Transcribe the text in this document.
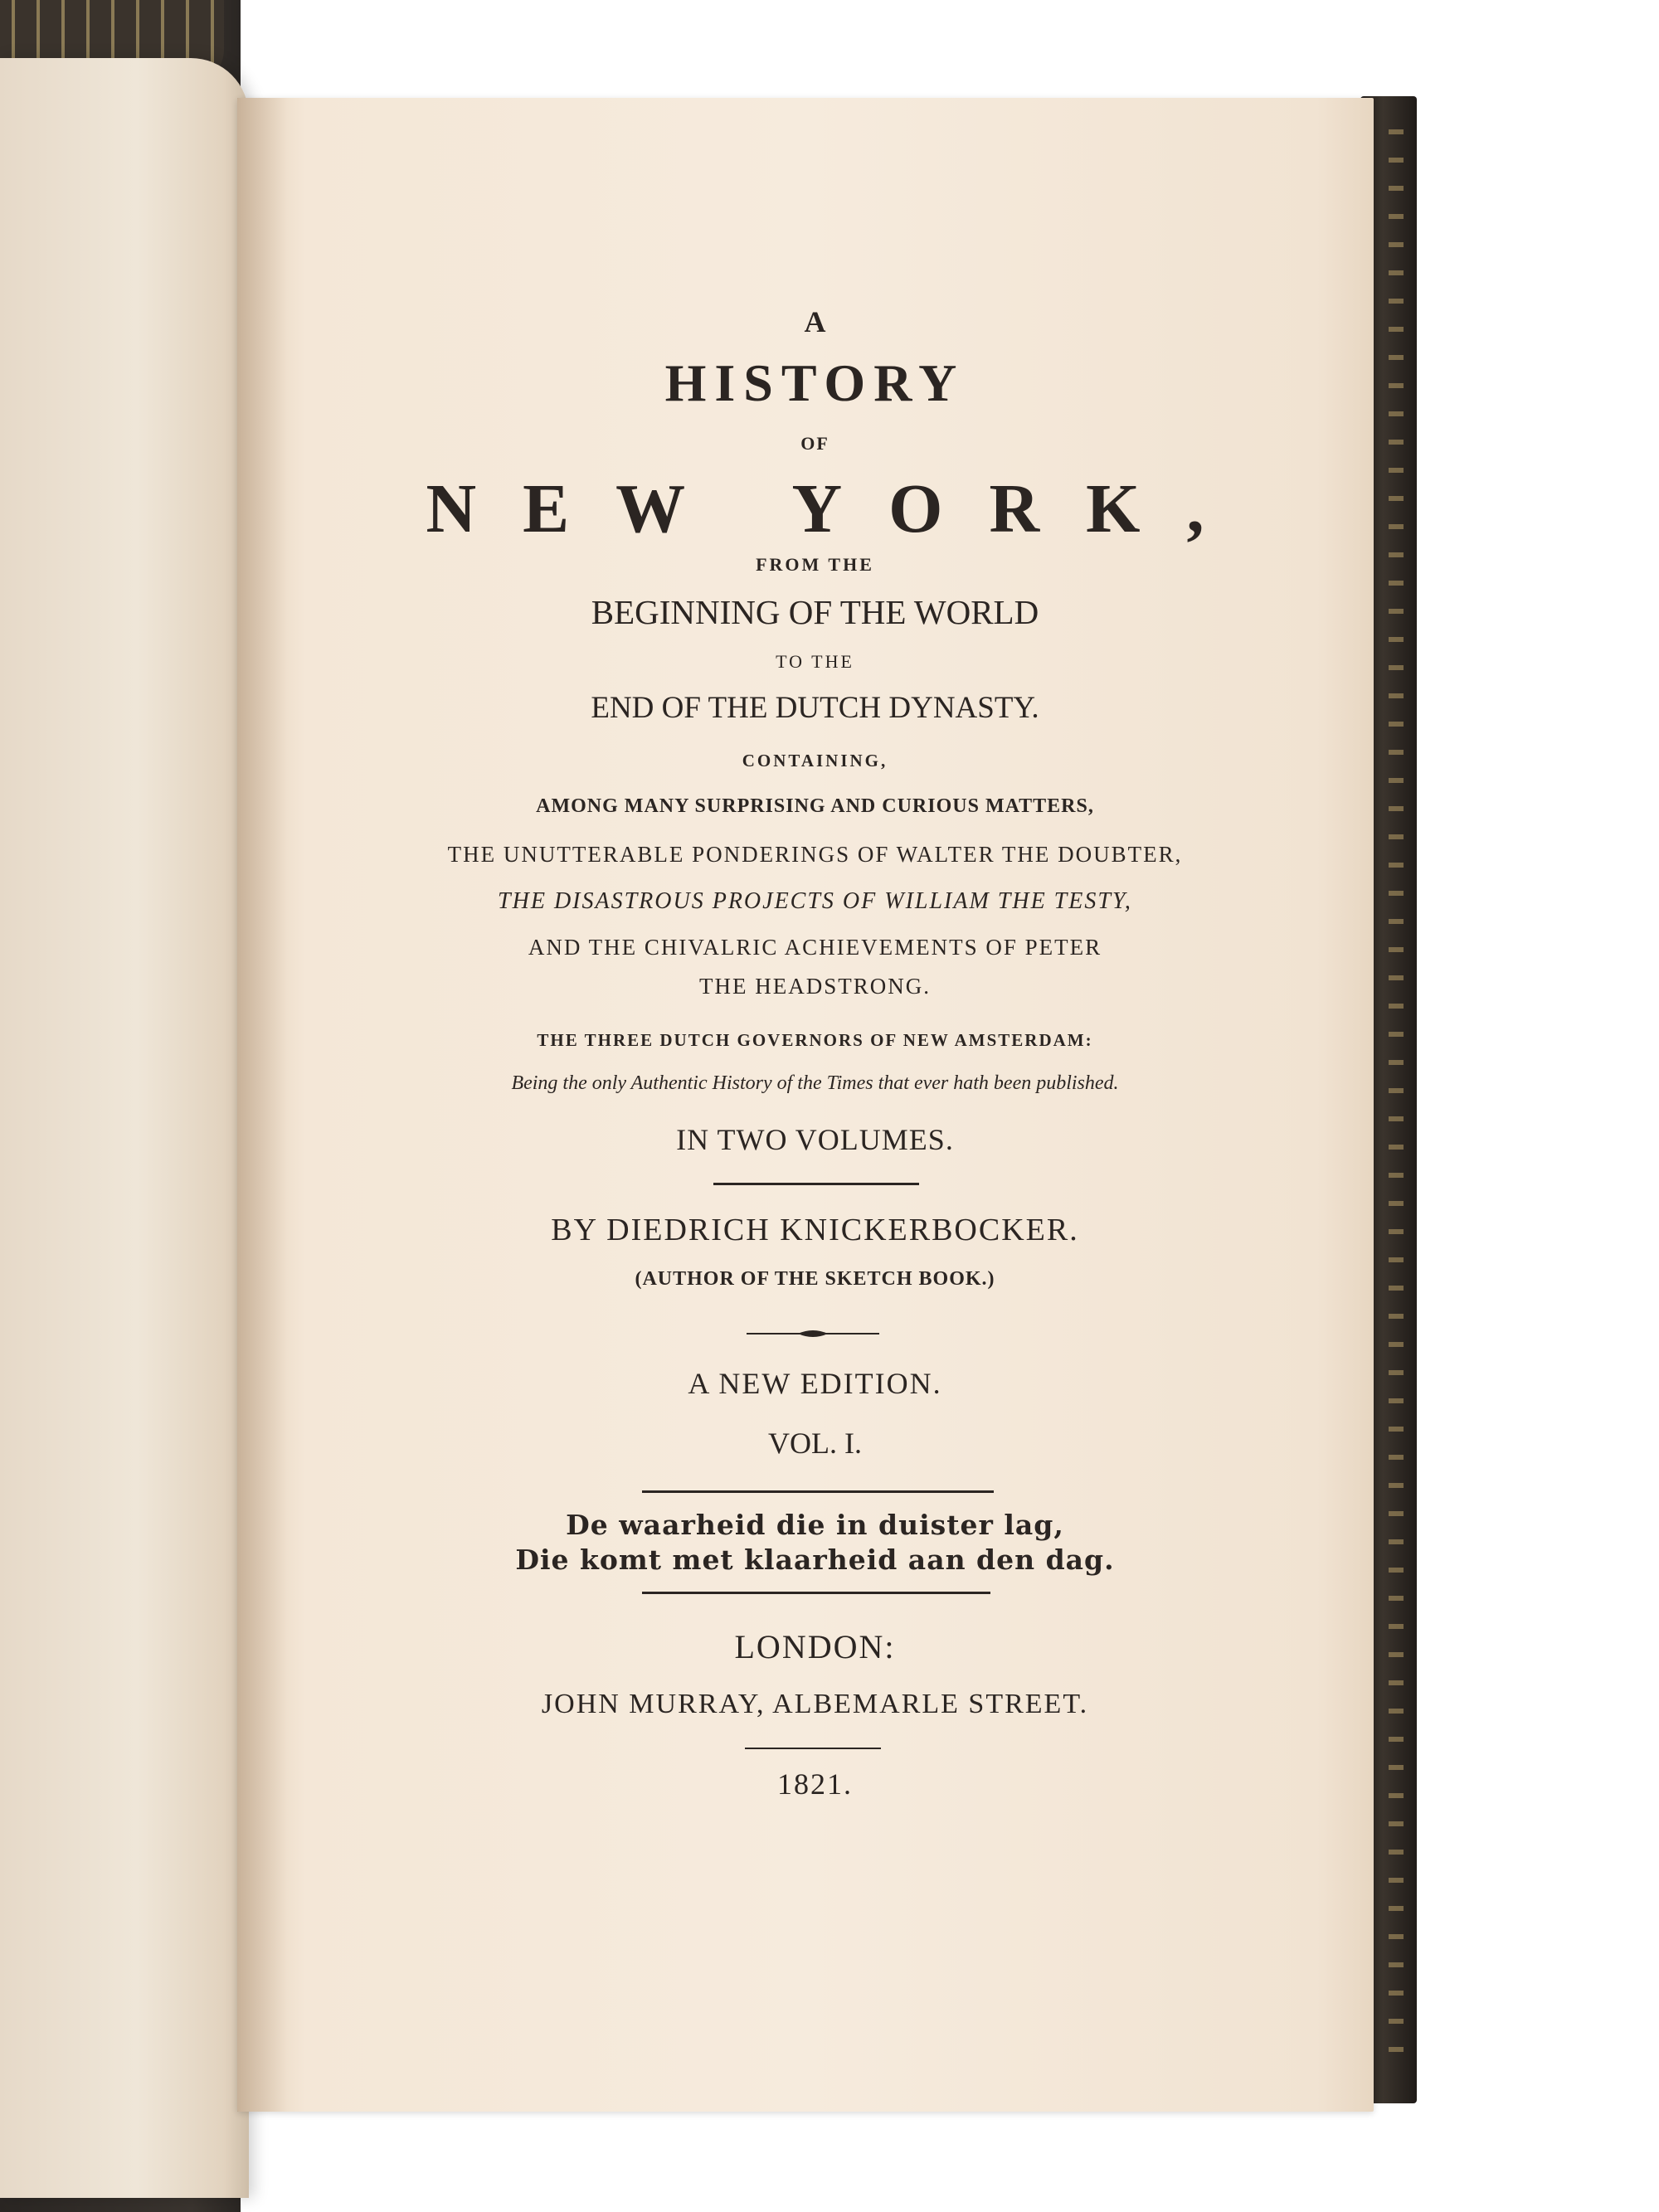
A
HISTORY
OF
NEW YORK,
FROM THE
BEGINNING OF THE WORLD
TO THE
END OF THE DUTCH DYNASTY.
CONTAINING,
AMONG MANY SURPRISING AND CURIOUS MATTERS,
THE UNUTTERABLE PONDERINGS OF WALTER THE DOUBTER,
THE DISASTROUS PROJECTS OF WILLIAM THE TESTY,
AND THE CHIVALRIC ACHIEVEMENTS OF PETER
THE HEADSTRONG.
THE THREE DUTCH GOVERNORS OF NEW AMSTERDAM:
Being the only Authentic History of the Times that ever hath been published.
IN TWO VOLUMES.
BY DIEDRICH KNICKERBOCKER.
(AUTHOR OF THE SKETCH BOOK.)
A NEW EDITION.
VOL. I.
De waarheid die in duister lag,
Die komt met klaarheid aan den dag.
LONDON:
JOHN MURRAY, ALBEMARLE STREET.
1821.
